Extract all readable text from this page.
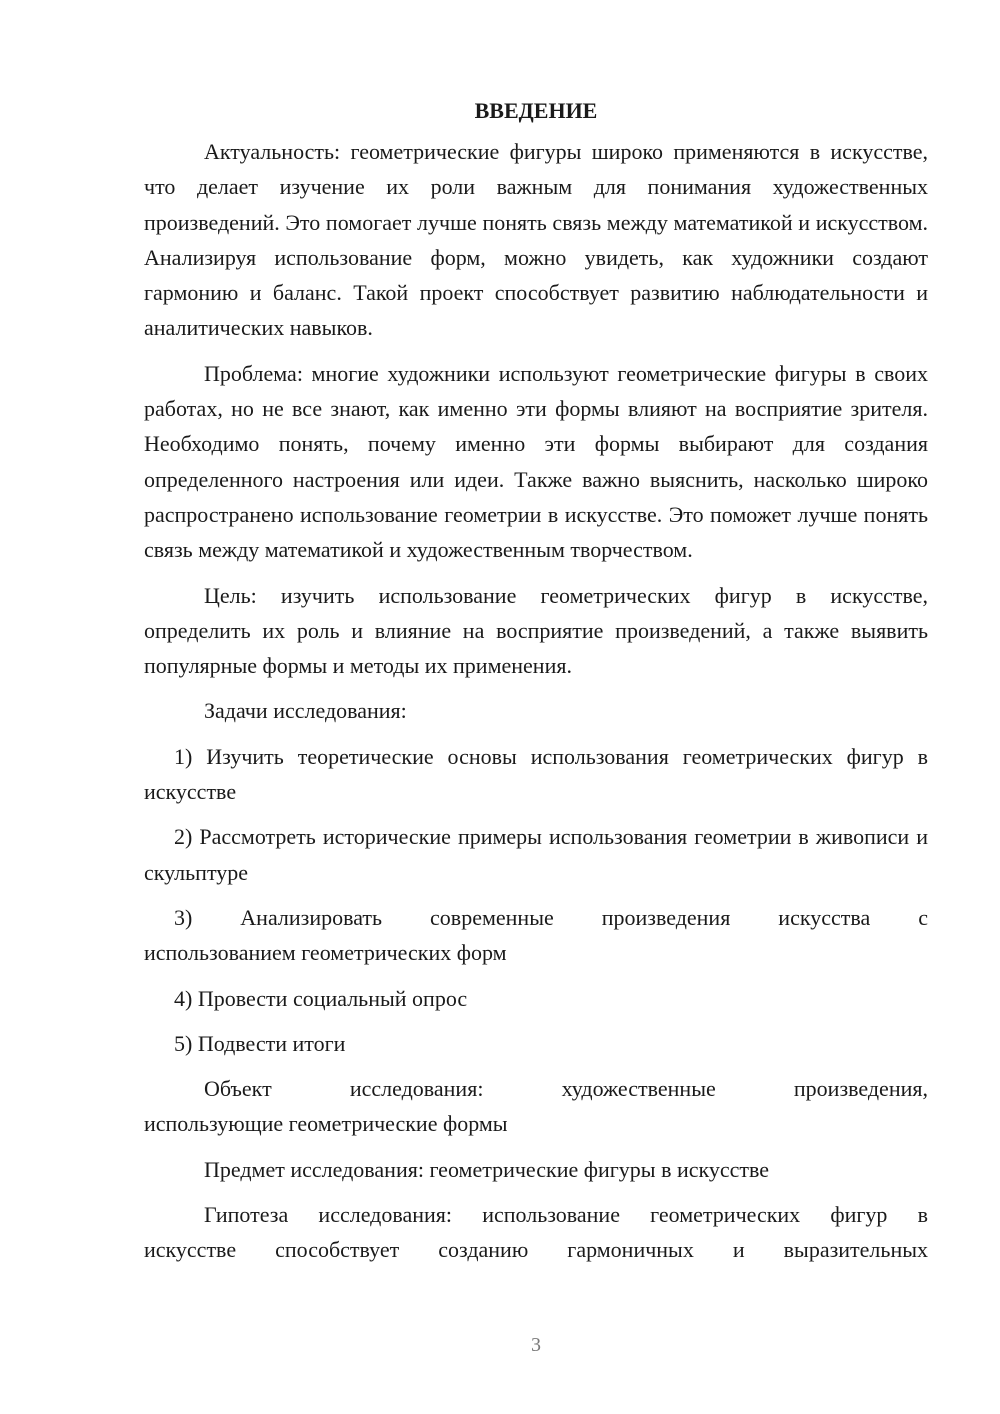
ВВЕДЕНИЕ

Актуальность: геометрические фигуры широко применяются в искусстве, что делает изучение их роли важным для понимания художественных произведений. Это помогает лучше понять связь между математикой и искусством. Анализируя использование форм, можно увидеть, как художники создают гармонию и баланс. Такой проект способствует развитию наблюдательности и аналитических навыков.

Проблема: многие художники используют геометрические фигуры в своих работах, но не все знают, как именно эти формы влияют на восприятие зрителя. Необходимо понять, почему именно эти формы выбирают для создания определенного настроения или идеи. Также важно выяснить, насколько широко распространено использование геометрии в искусстве. Это поможет лучше понять связь между математикой и художественным творчеством.

Цель: изучить использование геометрических фигур в искусстве, определить их роль и влияние на восприятие произведений, а также выявить популярные формы и методы их применения.

Задачи исследования:

1) Изучить теоретические основы использования геометрических фигур в искусстве

2) Рассмотреть исторические примеры использования геометрии в живописи и скульптуре

3) Анализировать современные произведения искусства с
использованием геометрических форм

4) Провести социальный опрос

5) Подвести итоги

Объект	исследования:	художественные	произведения,
использующие геометрические формы

Предмет исследования: геометрические фигуры в искусстве

Гипотеза исследования: использование геометрических фигур в

искусстве способствует созданию гармоничных и выразительных

3
